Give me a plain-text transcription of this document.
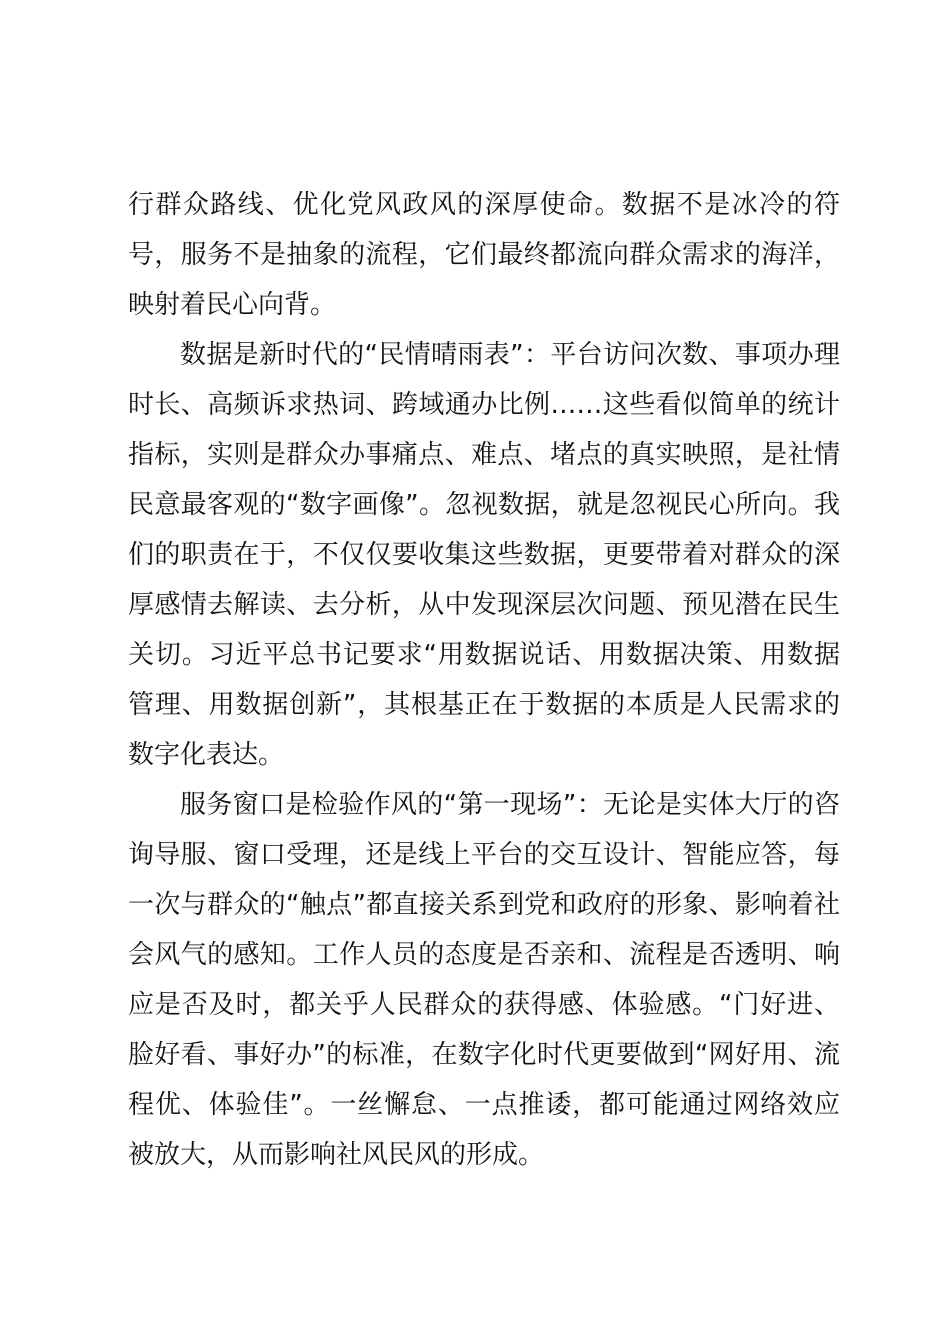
行群众路线、优化党风政风的深厚使命。数据不是冰冷的符号，服务不是抽象的流程，它们最终都流向群众需求的海洋，映射着民心向背。

数据是新时代的“民情晴雨表”：平台访问次数、事项办理时长、高频诉求热词、跨域通办比例……这些看似简单的统计指标，实则是群众办事痛点、难点、堵点的真实映照，是社情民意最客观的“数字画像”。忽视数据，就是忽视民心所向。我们的职责在于，不仅仅要收集这些数据，更要带着对群众的深厚感情去解读、去分析，从中发现深层次问题、预见潜在民生关切。习近平总书记要求“用数据说话、用数据决策、用数据管理、用数据创新”，其根基正在于数据的本质是人民需求的数字化表达。

服务窗口是检验作风的“第一现场”：无论是实体大厅的咨询导服、窗口受理，还是线上平台的交互设计、智能应答，每一次与群众的“触点”都直接关系到党和政府的形象、影响着社会风气的感知。工作人员的态度是否亲和、流程是否透明、响应是否及时，都关乎人民群众的获得感、体验感。“门好进、脸好看、事好办”的标准，在数字化时代更要做到“网好用、流程优、体验佳”。一丝懈怠、一点推诿，都可能通过网络效应被放大，从而影响社风民风的形成。
